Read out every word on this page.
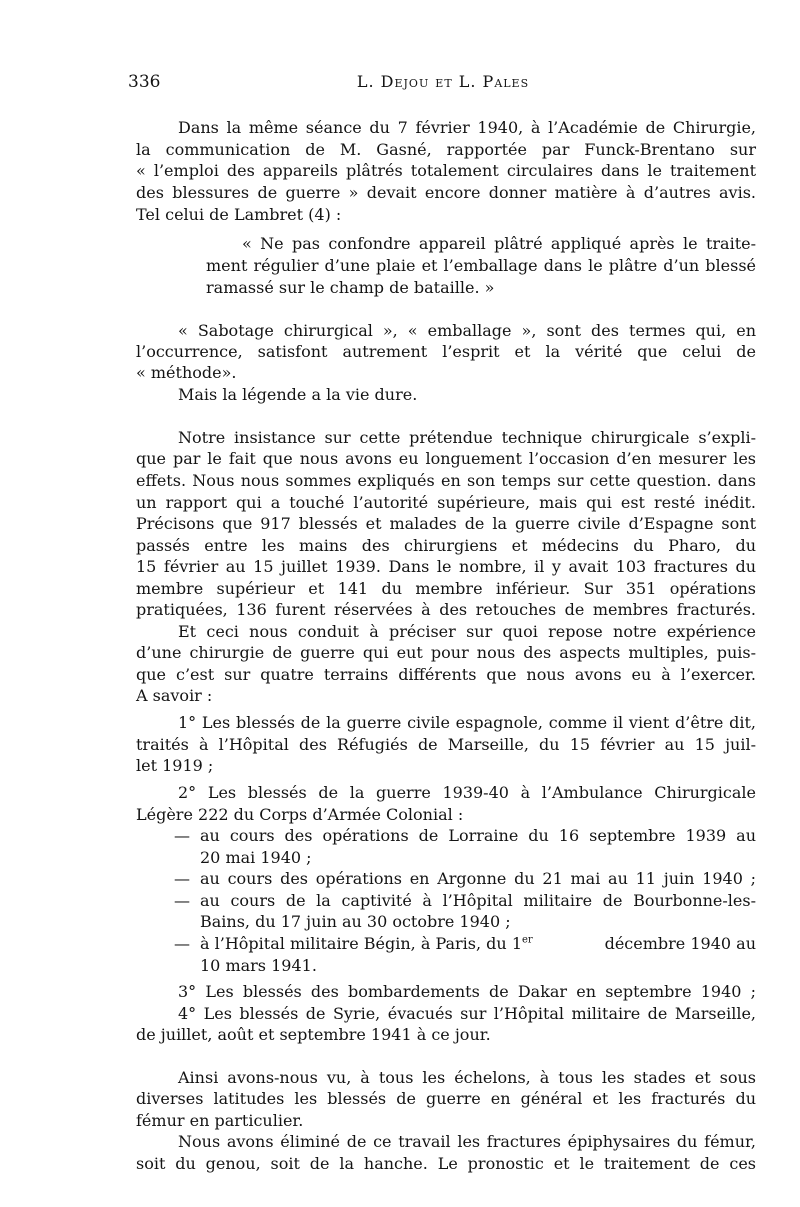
336	L. Dejou et L. Pales
Dans la même séance du 7 février 1940, à l’Académie de Chirurgie,
la communication de M. Gasné, rapportée par Funck-Brentano sur
« l’emploi des appareils plâtrés totalement circulaires dans le traitement
des blessures de guerre » devait encore donner matière à d’autres avis.
Tel celui de Lambret (4) :
« Ne pas confondre appareil plâtré appliqué après le traite-
ment régulier d’une plaie et l’emballage dans le plâtre d’un blessé
ramassé sur le champ de bataille. »
« Sabotage chirurgical », « emballage », sont des termes qui, en
l’occurrence, satisfont autrement l’esprit et la vérité que celui de
« méthode».
Mais la légende a la vie dure.
Notre insistance sur cette prétendue technique chirurgicale s’expli-
que par le fait que nous avons eu longuement l’occasion d’en mesurer les
effets. Nous nous sommes expliqués en son temps sur cette question. dans
un rapport qui a touché l’autorité supérieure, mais qui est resté inédit.
Précisons que 917 blessés et malades de la guerre civile d’Espagne sont
passés entre les mains des chirurgiens et médecins du Pharo, du
15 février au 15 juillet 1939. Dans le nombre, il y avait 103 fractures du
membre supérieur et 141 du membre inférieur. Sur 351 opérations
pratiquées, 136 furent réservées à des retouches de membres fracturés.
Et ceci nous conduit à préciser sur quoi repose notre expérience
d’une chirurgie de guerre qui eut pour nous des aspects multiples, puis-
que c’est sur quatre terrains différents que nous avons eu à l’exercer.
A savoir :
1° Les blessés de la guerre civile espagnole, comme il vient d’être dit,
traités à l’Hôpital des Réfugiés de Marseille, du 15 février au 15 juil-
let 1919 ;
2° Les blessés de la guerre 1939-40 à l’Ambulance Chirurgicale
Légère 222 du Corps d’Armée Colonial :
— au cours des opérations de Lorraine du 16 septembre 1939 au
20 mai 1940 ;
— au cours des opérations en Argonne du 21 mai au 11 juin 1940 ;
— au cours de la captivité à l’Hôpital militaire de Bourbonne-les-
Bains, du 17 juin au 30 octobre 1940 ;
— à l’Hôpital militaire Bégin, à Paris, du 1er	décembre 1940 au
10 mars 1941.
3° Les blessés des bombardements de Dakar en septembre 1940 ;
4° Les blessés de Syrie, évacués sur l’Hôpital militaire de Marseille,
de juillet, août et septembre 1941 à ce jour.
Ainsi avons-nous vu, à tous les échelons, à tous les stades et sous
diverses latitudes les blessés de guerre en général et les fracturés du
fémur en particulier.
Nous avons éliminé de ce travail les fractures épiphysaires du fémur,
soit du genou, soit de la hanche. Le pronostic et le traitement de ces
